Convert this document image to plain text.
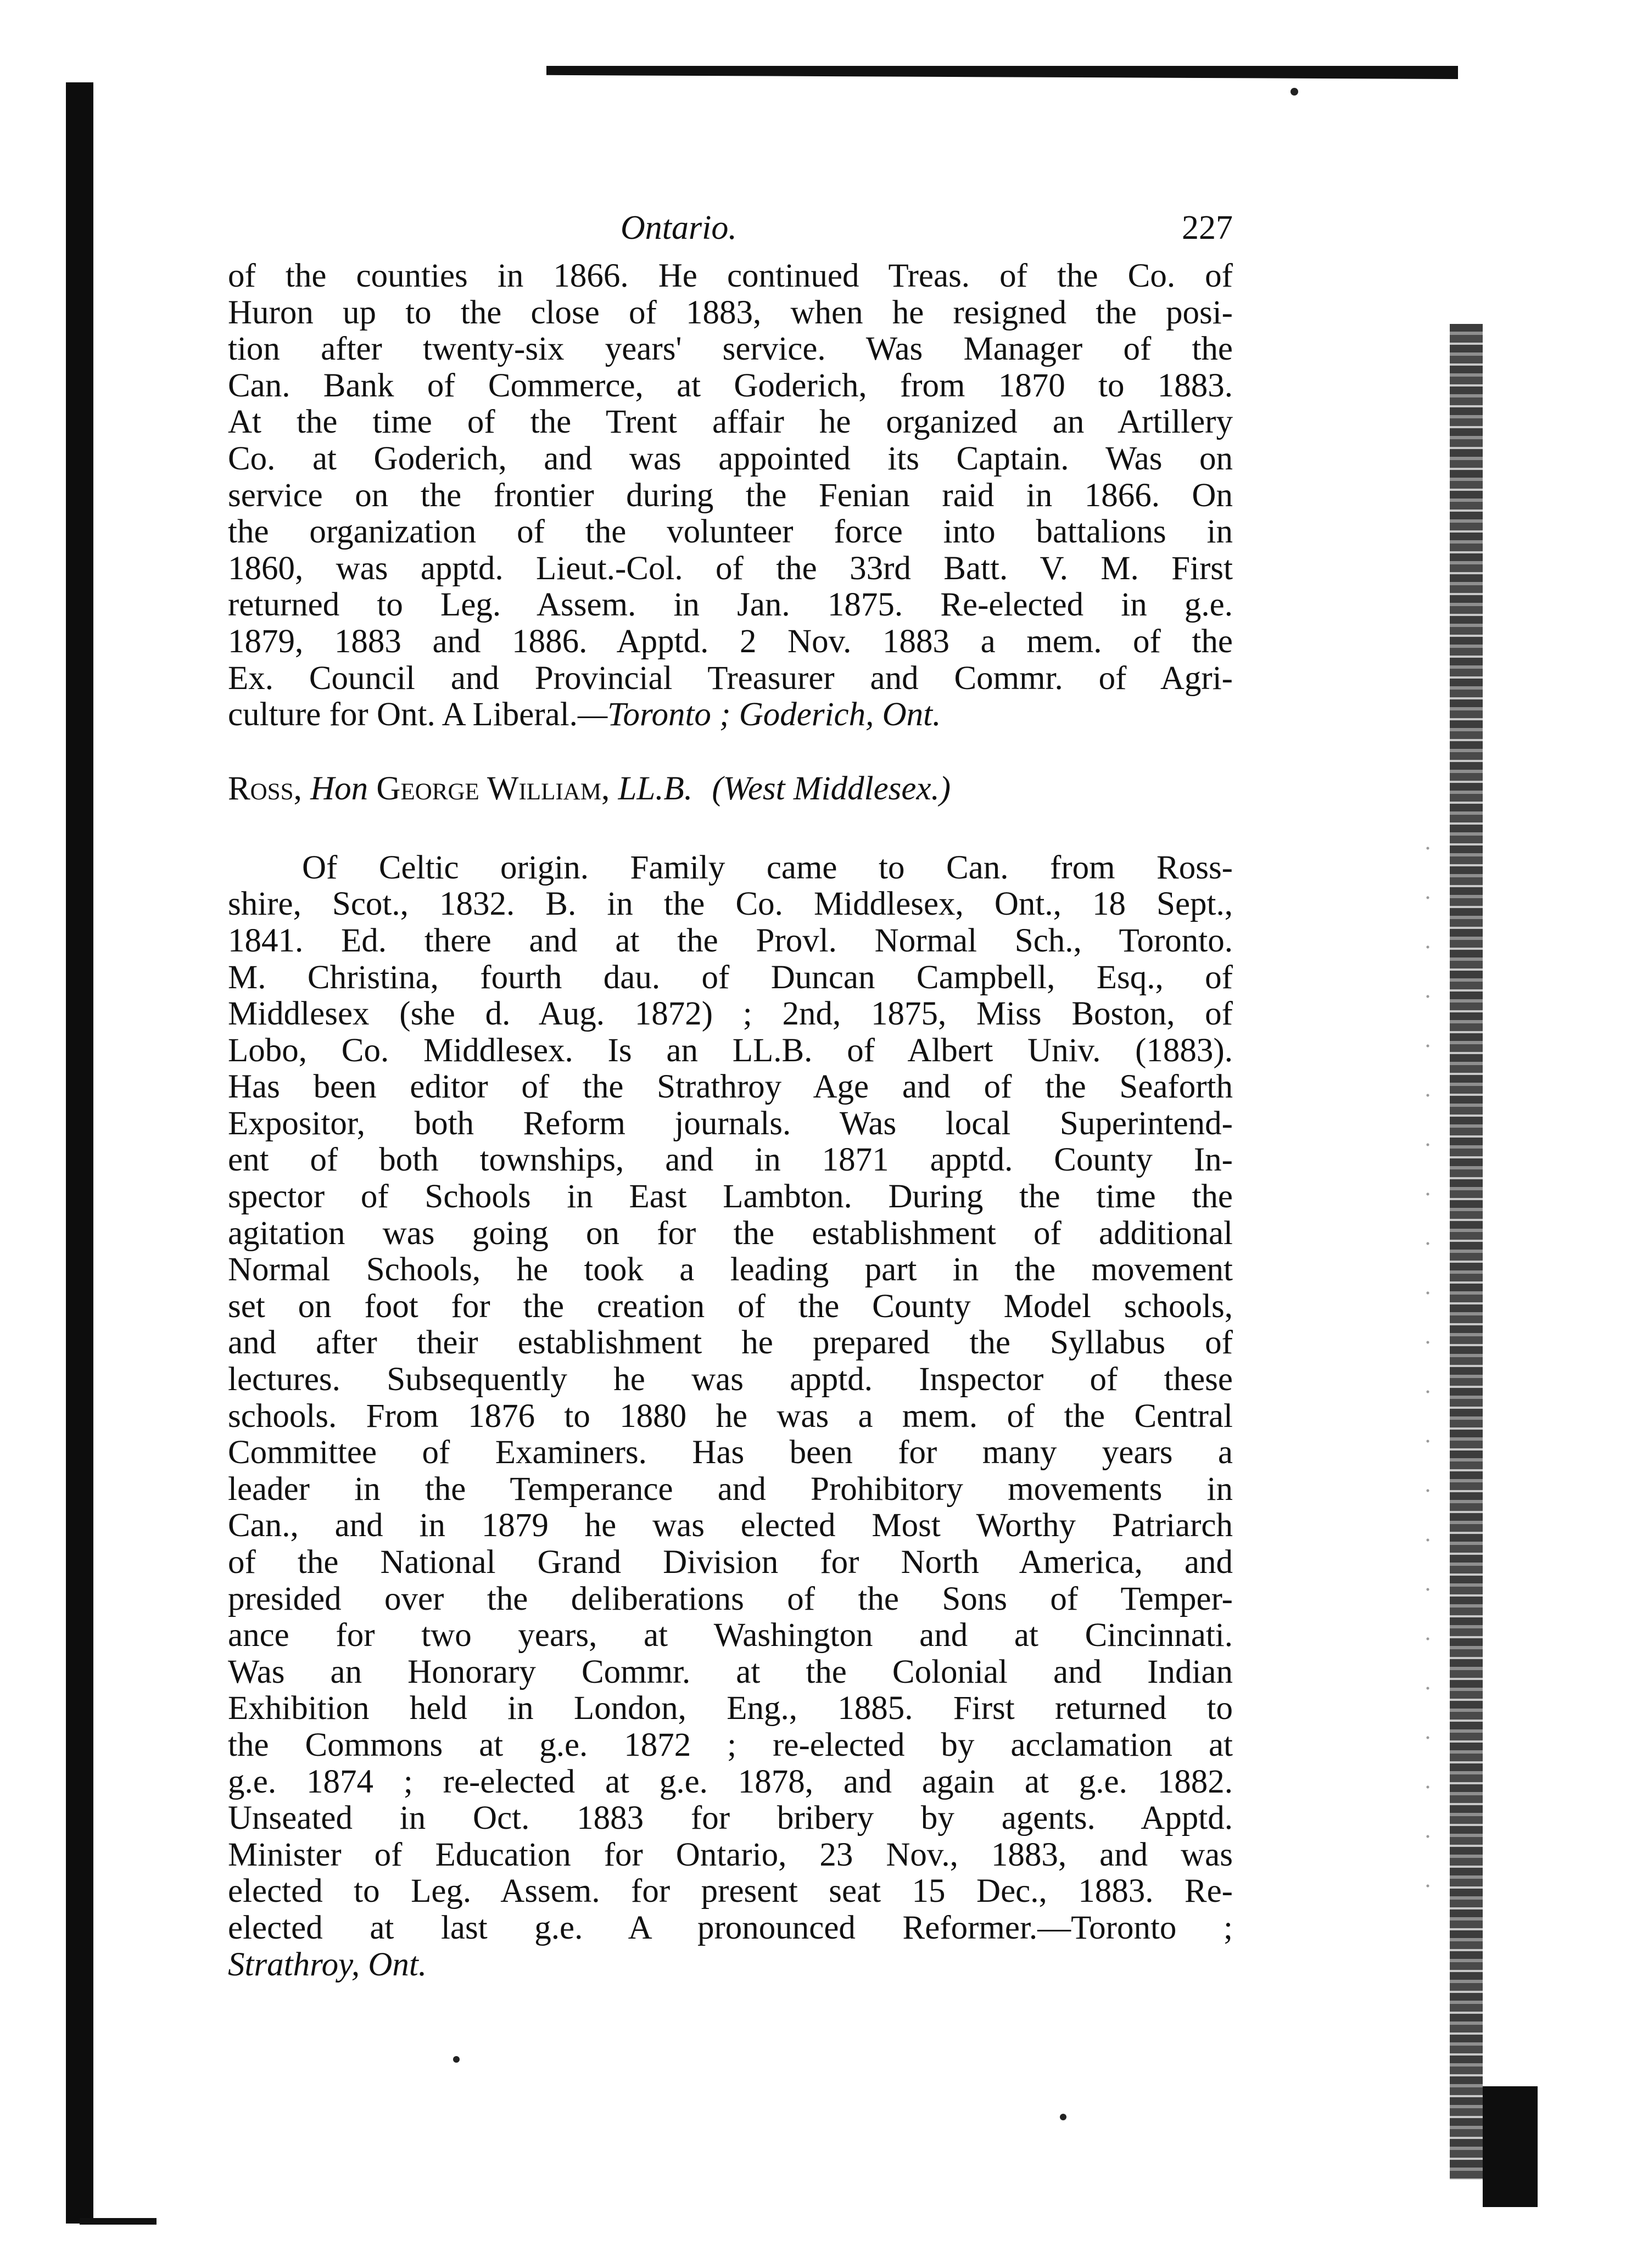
Ontario.	227

of the counties in 1866. He continued Treas. of the Co. of
Huron up to the close of 1883, when he resigned the posi-
tion after twenty-six years' service. Was Manager of the
Can. Bank of Commerce, at Goderich, from 1870 to 1883.
At the time of the Trent affair he organized an Artillery
Co. at Goderich, and was appointed its Captain. Was on
service on the frontier during the Fenian raid in 1866. On
the organization of the volunteer force into battalions in
1860, was apptd. Lieut.-Col. of the 33rd Batt. V. M. First
returned to Leg. Assem. in Jan. 1875. Re-elected in g.e.
1879, 1883 and 1886. Apptd. 2 Nov. 1883 a mem. of the
Ex. Council and Provincial Treasurer and Commr. of Agri-
culture for Ont. A Liberal.—Toronto ; Goderich, Ont.

Ross, Hon George William, LL.B. (West Middlesex.)

Of Celtic origin. Family came to Can. from Ross-
shire, Scot., 1832. B. in the Co. Middlesex, Ont., 18 Sept.,
1841. Ed. there and at the Provl. Normal Sch., Toronto.
M. Christina, fourth dau. of Duncan Campbell, Esq., of
Middlesex (she d. Aug. 1872) ; 2nd, 1875, Miss Boston, of
Lobo, Co. Middlesex. Is an LL.B. of Albert Univ. (1883).
Has been editor of the Strathroy Age and of the Seaforth
Expositor, both Reform journals. Was local Superintend-
ent of both townships, and in 1871 apptd. County In-
spector of Schools in East Lambton. During the time the
agitation was going on for the establishment of additional
Normal Schools, he took a leading part in the movement
set on foot for the creation of the County Model schools,
and after their establishment he prepared the Syllabus of
lectures. Subsequently he was apptd. Inspector of these
schools. From 1876 to 1880 he was a mem. of the Central
Committee of Examiners. Has been for many years a
leader in the Temperance and Prohibitory movements in
Can., and in 1879 he was elected Most Worthy Patriarch
of the National Grand Division for North America, and
presided over the deliberations of the Sons of Temper-
ance for two years, at Washington and at Cincinnati.
Was an Honorary Commr. at the Colonial and Indian
Exhibition held in London, Eng., 1885. First returned to
the Commons at g.e. 1872 ; re-elected by acclamation at
g.e. 1874 ; re-elected at g.e. 1878, and again at g.e. 1882.
Unseated in Oct. 1883 for bribery by agents. Apptd.
Minister of Education for Ontario, 23 Nov., 1883, and was
elected to Leg. Assem. for present seat 15 Dec., 1883. Re-
elected at last g.e. A pronounced Reformer.—Toronto ;
Strathroy, Ont.
